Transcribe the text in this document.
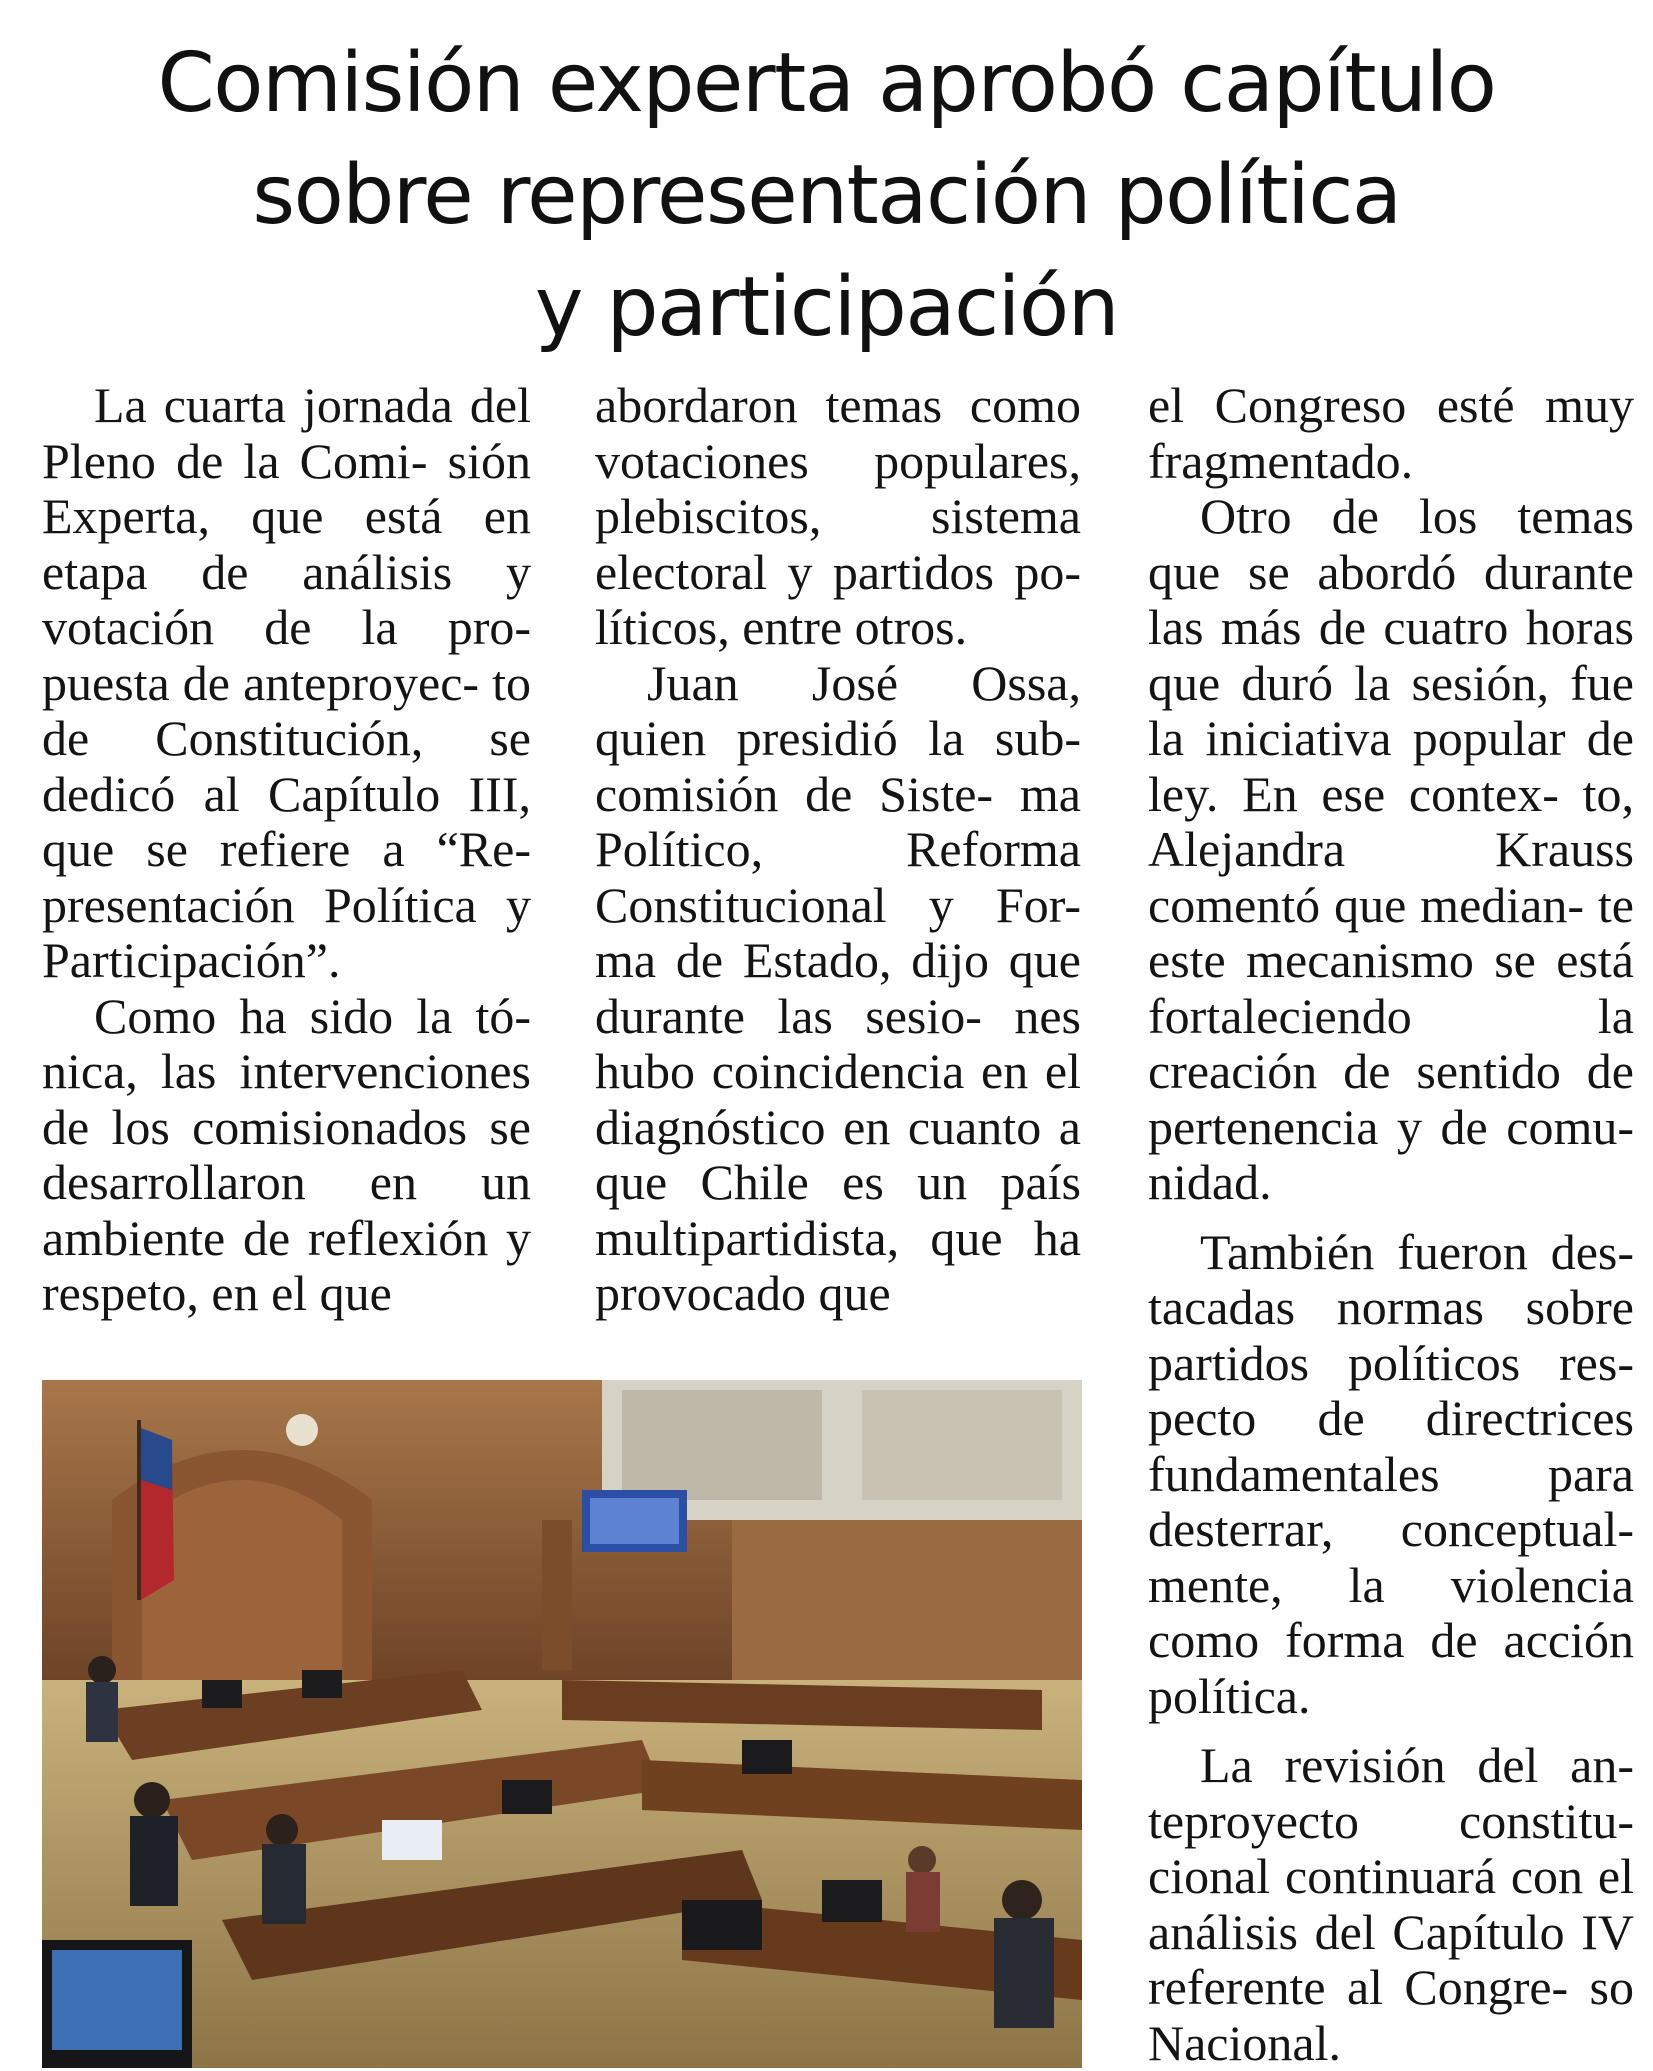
Comisión experta aprobó capítulo
sobre representación política
y participación

La cuarta jornada del Pleno de la Comi- sión Experta, que está en etapa de análisis y votación de la pro- puesta de anteproyec- to de Constitución, se dedicó al Capítulo III, que se refiere a “Re- presentación Política y Participación”.

Como ha sido la tó- nica, las intervenciones de los comisionados se desarrollaron en un ambiente de reflexión y respeto, en el que

abordaron temas como votaciones populares, plebiscitos, sistema electoral y partidos po- líticos, entre otros.

Juan José Ossa, quien presidió la sub- comisión de Siste- ma Político, Reforma Constitucional y For- ma de Estado, dijo que durante las sesio- nes hubo coincidencia en el diagnóstico en cuanto a que Chile es un país multipartidista, que ha provocado que

el Congreso esté muy fragmentado.

Otro de los temas que se abordó durante las más de cuatro horas que duró la sesión, fue la iniciativa popular de ley. En ese contex- to, Alejandra Krauss comentó que median- te este mecanismo se está fortaleciendo la creación de sentido de pertenencia y de comu- nidad.

También fueron des- tacadas normas sobre partidos políticos res- pecto de directrices fundamentales para desterrar, conceptual- mente, la violencia como forma de acción política.

La revisión del an- teproyecto constitu- cional continuará con el análisis del Capítulo IV referente al Congre- so Nacional.
